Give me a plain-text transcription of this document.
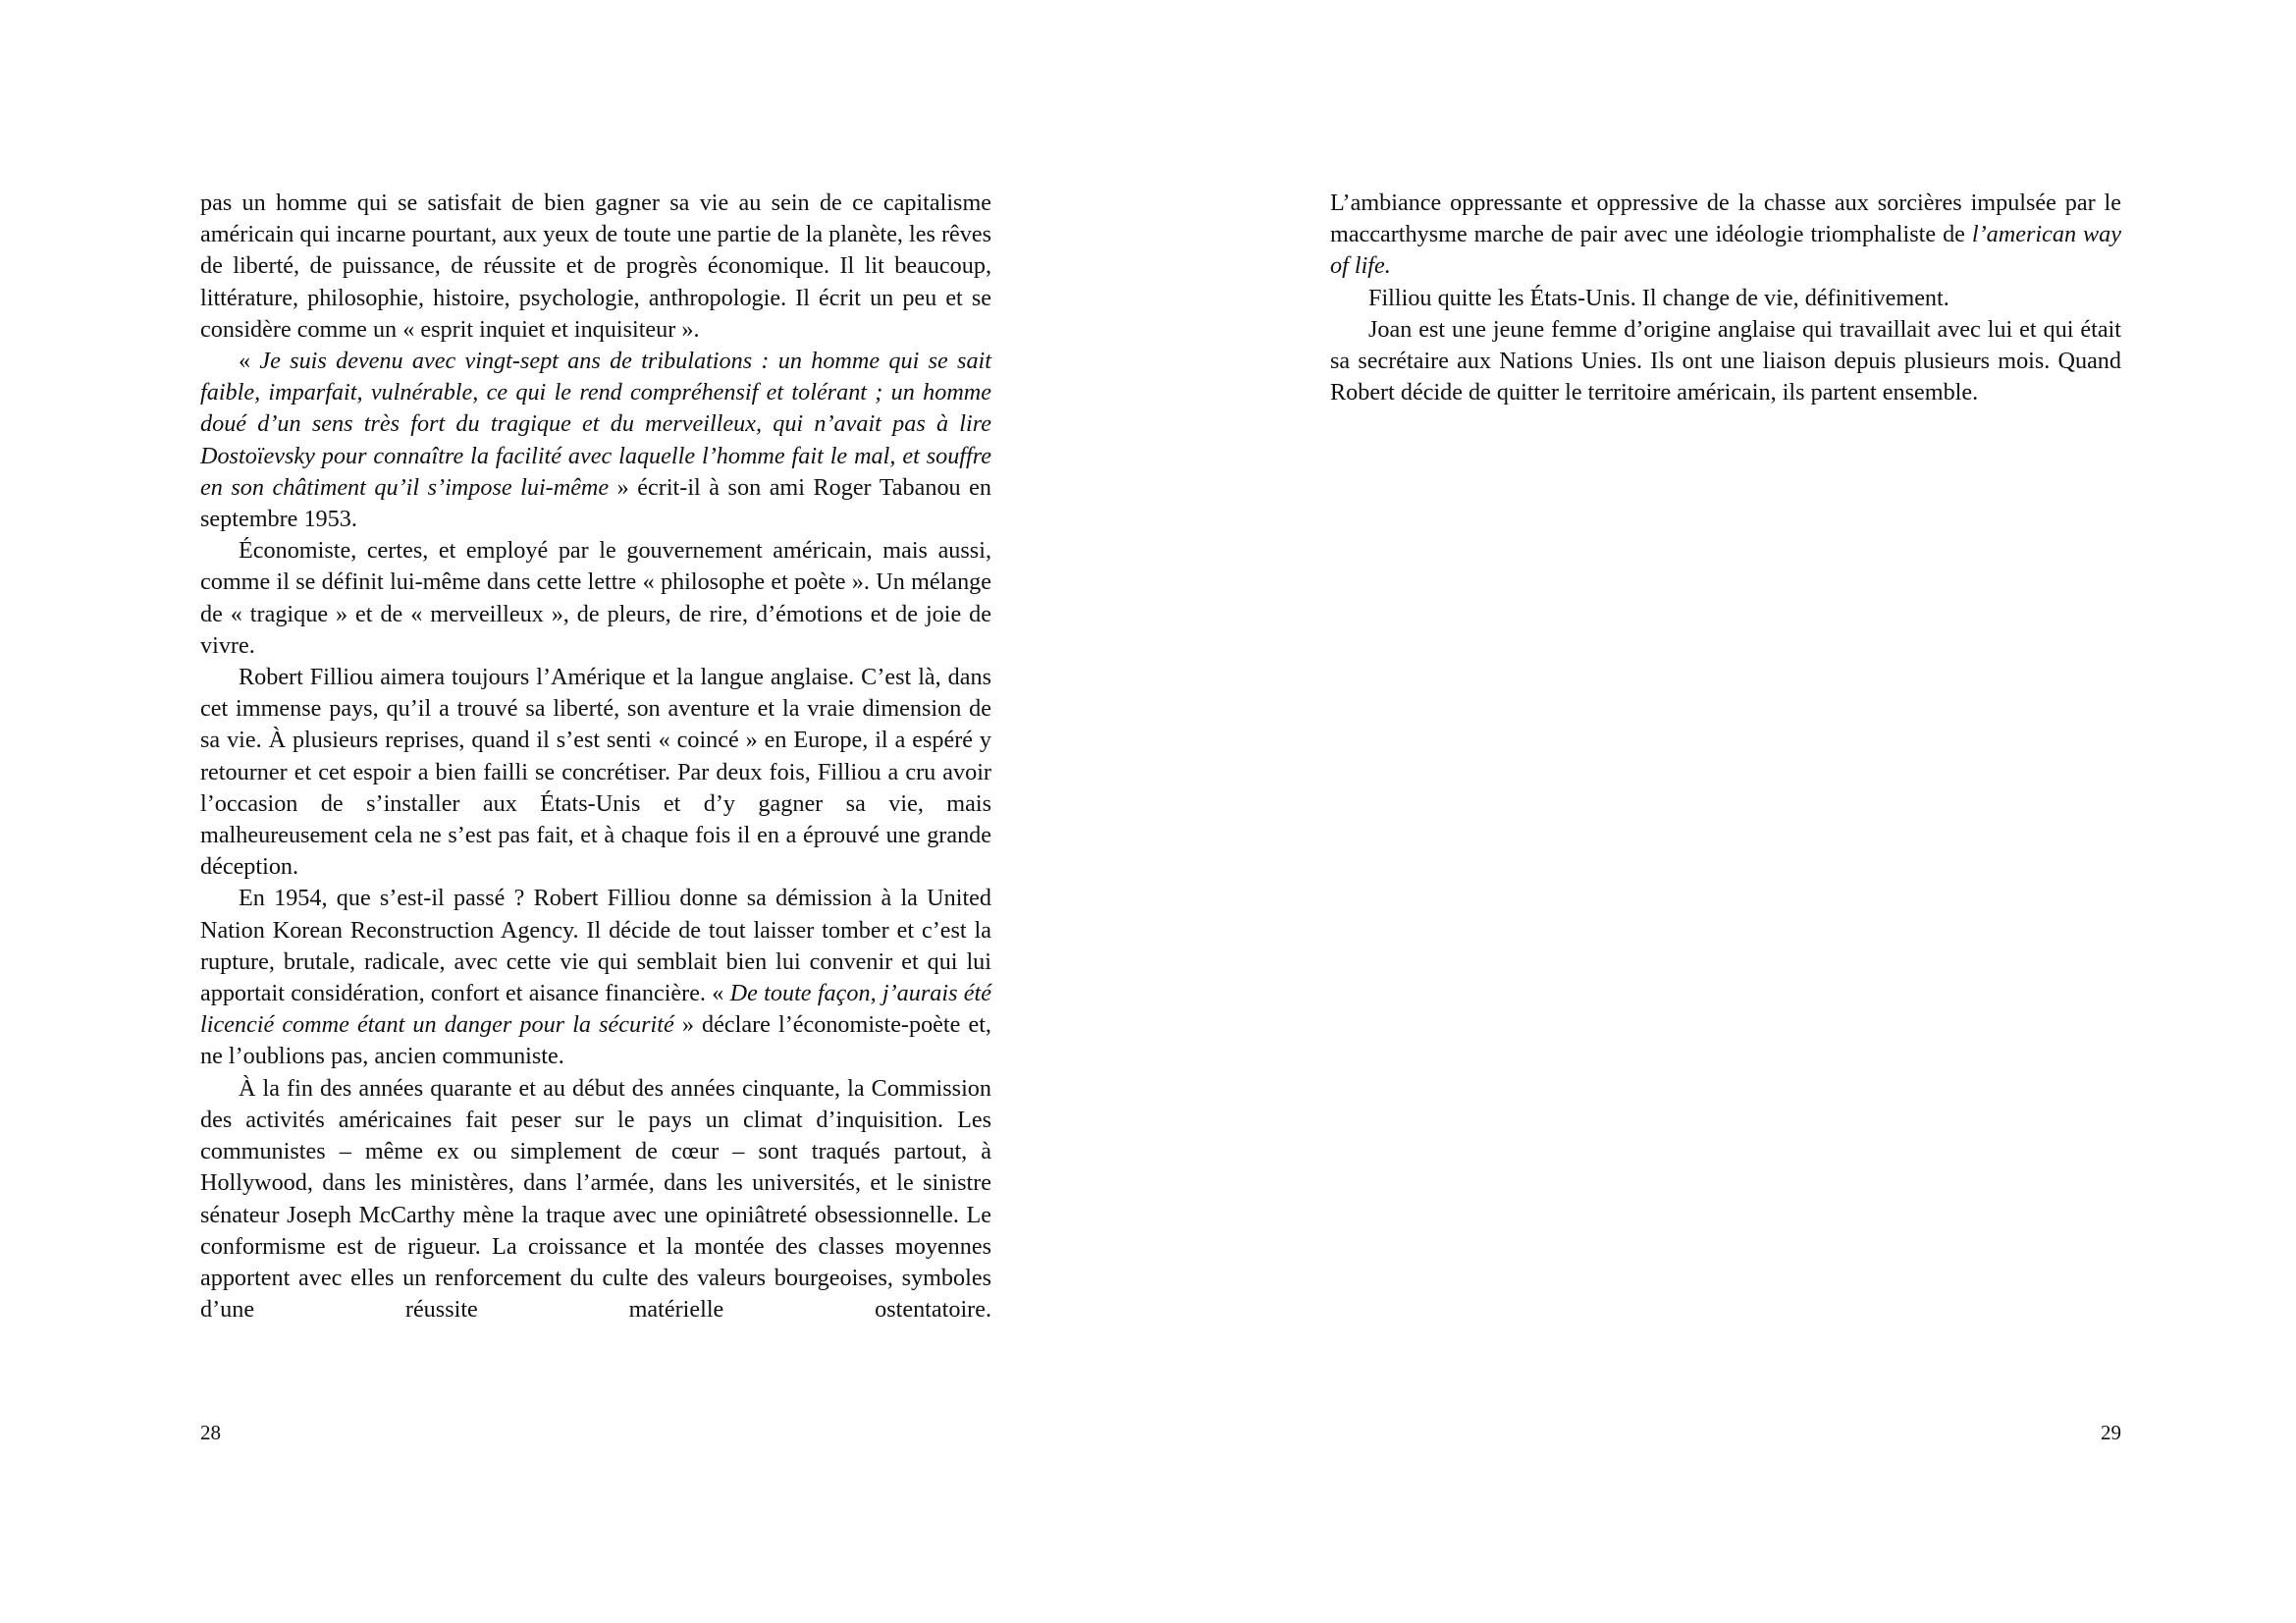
pas un homme qui se satisfait de bien gagner sa vie au sein de ce capitalisme américain qui incarne pourtant, aux yeux de toute une partie de la planète, les rêves de liberté, de puissance, de réussite et de progrès économique. Il lit beaucoup, littérature, philosophie, histoire, psychologie, anthropologie. Il écrit un peu et se considère comme un « esprit inquiet et inquisiteur ».

« Je suis devenu avec vingt-sept ans de tribulations : un homme qui se sait faible, imparfait, vulnérable, ce qui le rend compréhensif et tolérant ; un homme doué d’un sens très fort du tragique et du merveilleux, qui n’avait pas à lire Dostoïevsky pour connaître la facilité avec laquelle l’homme fait le mal, et souffre en son châtiment qu’il s’impose lui-même » écrit-il à son ami Roger Tabanou en septembre 1953.

Économiste, certes, et employé par le gouvernement américain, mais aussi, comme il se définit lui-même dans cette lettre « philosophe et poète ». Un mélange de « tragique » et de « merveilleux », de pleurs, de rire, d’émotions et de joie de vivre.

Robert Filliou aimera toujours l’Amérique et la langue anglaise. C’est là, dans cet immense pays, qu’il a trouvé sa liberté, son aventure et la vraie dimension de sa vie. À plusieurs reprises, quand il s’est senti « coincé » en Europe, il a espéré y retourner et cet espoir a bien failli se concrétiser. Par deux fois, Filliou a cru avoir l’occasion de s’installer aux États-Unis et d’y gagner sa vie, mais malheureusement cela ne s’est pas fait, et à chaque fois il en a éprouvé une grande déception.

En 1954, que s’est-il passé ? Robert Filliou donne sa démission à la United Nation Korean Reconstruction Agency. Il décide de tout laisser tomber et c’est la rupture, brutale, radicale, avec cette vie qui semblait bien lui convenir et qui lui apportait considération, confort et aisance financière. « De toute façon, j’aurais été licencié comme étant un danger pour la sécurité » déclare l’économiste-poète et, ne l’oublions pas, ancien communiste.

À la fin des années quarante et au début des années cinquante, la Commission des activités américaines fait peser sur le pays un climat d’inquisition. Les communistes – même ex ou simplement de cœur – sont traqués partout, à Hollywood, dans les ministères, dans l’armée, dans les universités, et le sinistre sénateur Joseph McCarthy mène la traque avec une opiniâtreté obsessionnelle. Le conformisme est de rigueur. La croissance et la montée des classes moyennes apportent avec elles un renforcement du culte des valeurs bourgeoises, symboles d’une réussite matérielle ostentatoire.

28

L’ambiance oppressante et oppressive de la chasse aux sorcières impulsée par le maccarthysme marche de pair avec une idéologie triomphaliste de l’american way of life.

Filliou quitte les États-Unis. Il change de vie, définitivement.

Joan est une jeune femme d’origine anglaise qui travaillait avec lui et qui était sa secrétaire aux Nations Unies. Ils ont une liaison depuis plusieurs mois. Quand Robert décide de quitter le territoire américain, ils partent ensemble.

29
